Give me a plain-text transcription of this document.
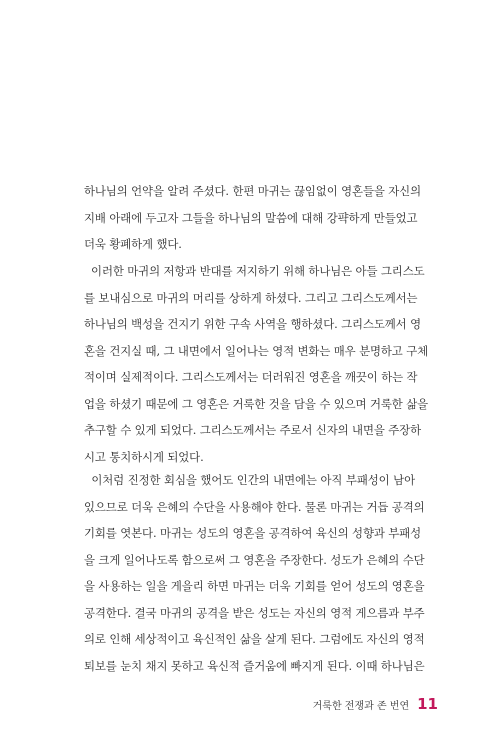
하나님의 언약을 알려 주셨다. 한편 마귀는 끊임없이 영혼들을 자신의
지배 아래에 두고자 그들을 하나님의 말씀에 대해 강퍅하게 만들었고
더욱 황폐하게 했다.
이러한 마귀의 저항과 반대를 저지하기 위해 하나님은 아들 그리스도
를 보내심으로 마귀의 머리를 상하게 하셨다. 그리고 그리스도께서는
하나님의 백성을 건지기 위한 구속 사역을 행하셨다. 그리스도께서 영
혼을 건지실 때, 그 내면에서 일어나는 영적 변화는 매우 분명하고 구체
적이며 실제적이다. 그리스도께서는 더러워진 영혼을 깨끗이 하는 작
업을 하셨기 때문에 그 영혼은 거룩한 것을 담을 수 있으며 거룩한 삶을
추구할 수 있게 되었다. 그리스도께서는 주로서 신자의 내면을 주장하
시고 통치하시게 되었다.
이처럼 진정한 회심을 했어도 인간의 내면에는 아직 부패성이 남아
있으므로 더욱 은혜의 수단을 사용해야 한다. 물론 마귀는 거듭 공격의
기회를 엿본다. 마귀는 성도의 영혼을 공격하여 육신의 성향과 부패성
을 크게 일어나도록 함으로써 그 영혼을 주장한다. 성도가 은혜의 수단
을 사용하는 일을 게을리 하면 마귀는 더욱 기회를 얻어 성도의 영혼을
공격한다. 결국 마귀의 공격을 받은 성도는 자신의 영적 게으름과 부주
의로 인해 세상적이고 육신적인 삶을 살게 된다. 그럼에도 자신의 영적
퇴보를 눈치 채지 못하고 육신적 즐거움에 빠지게 된다. 이때 하나님은
거룩한 전쟁과 존 번연 11
